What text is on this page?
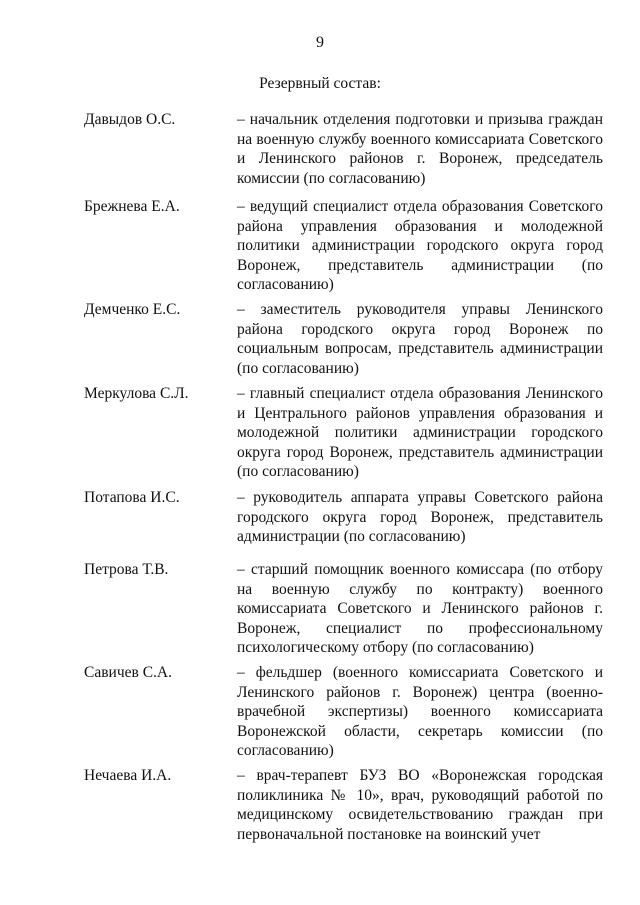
9
Резервный состав:
Давыдов О.С.	– начальник отделения подготовки и призыва граждан на военную службу военного комиссариата Советского и Ленинского районов г. Воронеж, председатель комиссии (по согласованию)
Брежнева Е.А.	– ведущий специалист отдела образования Советского района управления образования и молодежной политики администрации городского округа город Воронеж, представитель администрации (по согласованию)
Демченко Е.С.	– заместитель руководителя управы Ленинского района городского округа город Воронеж по социальным вопросам, представитель администрации (по согласованию)
Меркулова С.Л.	– главный специалист отдела образования Ленинского и Центрального районов управления образования и молодежной политики администрации городского округа город Воронеж, представитель администрации (по согласованию)
Потапова И.С.	– руководитель аппарата управы Советского района городского округа город Воронеж, представитель администрации (по согласованию)
Петрова Т.В.	– старший помощник военного комиссара (по отбору на военную службу по контракту) военного комиссариата Советского и Ленинского районов г. Воронеж, специалист по профессиональному психологическому отбору (по согласованию)
Савичев С.А.	– фельдшер (военного комиссариата Советского и Ленинского районов г. Воронеж) центра (военно-врачебной экспертизы) военного комиссариата Воронежской области, секретарь комиссии (по согласованию)
Нечаева И.А.	– врач-терапевт БУЗ ВО «Воронежская городская поликлиника № 10», врач, руководящий работой по медицинскому освидетельствованию граждан при первоначальной постановке на воинский учет
